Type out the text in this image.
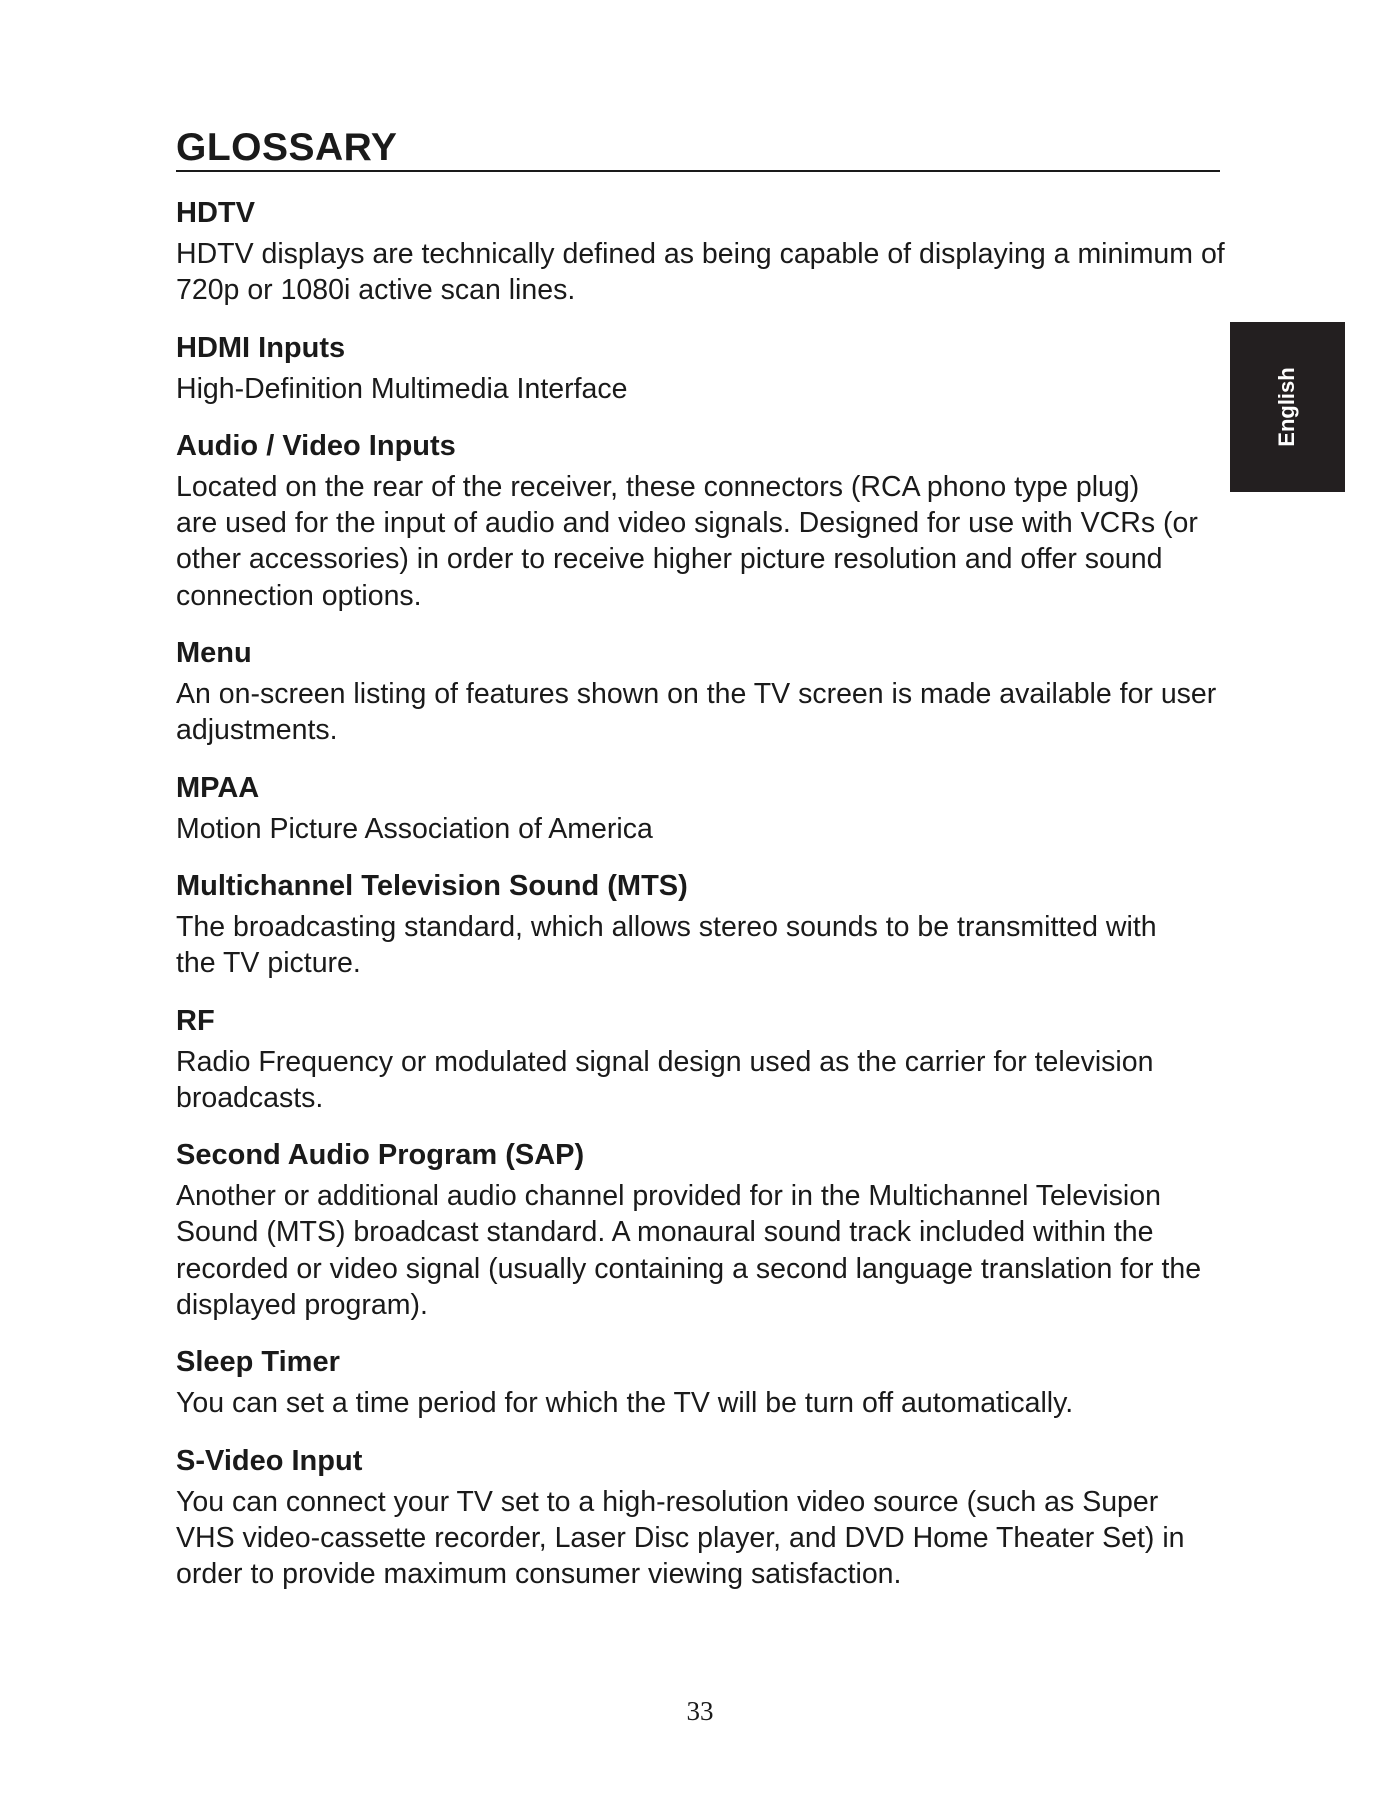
GLOSSARY
HDTV
HDTV displays are technically defined as being capable of displaying a minimum of
720p or 1080i active scan lines.
HDMI Inputs
High-Definition Multimedia Interface
Audio / Video Inputs
Located on the rear of the receiver, these connectors (RCA phono type plug)
are used for the input of audio and video signals. Designed for use with VCRs (or
other accessories) in order to receive higher picture resolution and offer sound
connection options.
Menu
An on-screen listing of features shown on the TV screen is made available for user
adjustments.
MPAA
Motion Picture Association of America
Multichannel Television Sound (MTS)
The broadcasting standard, which allows stereo sounds to be transmitted with
the TV picture.
RF
Radio Frequency or modulated signal design used as the carrier for television
broadcasts.
Second Audio Program (SAP)
Another or additional audio channel provided for in the Multichannel Television
Sound (MTS) broadcast standard. A monaural sound track included within the
recorded or video signal (usually containing a second language translation for the
displayed program).
Sleep Timer
You can set a time period for which the TV will be turn off automatically.
S-Video Input
You can connect your TV set to a high-resolution video source (such as Super
VHS video-cassette recorder, Laser Disc player, and DVD Home Theater Set) in
order to provide maximum consumer viewing satisfaction.
English
33
